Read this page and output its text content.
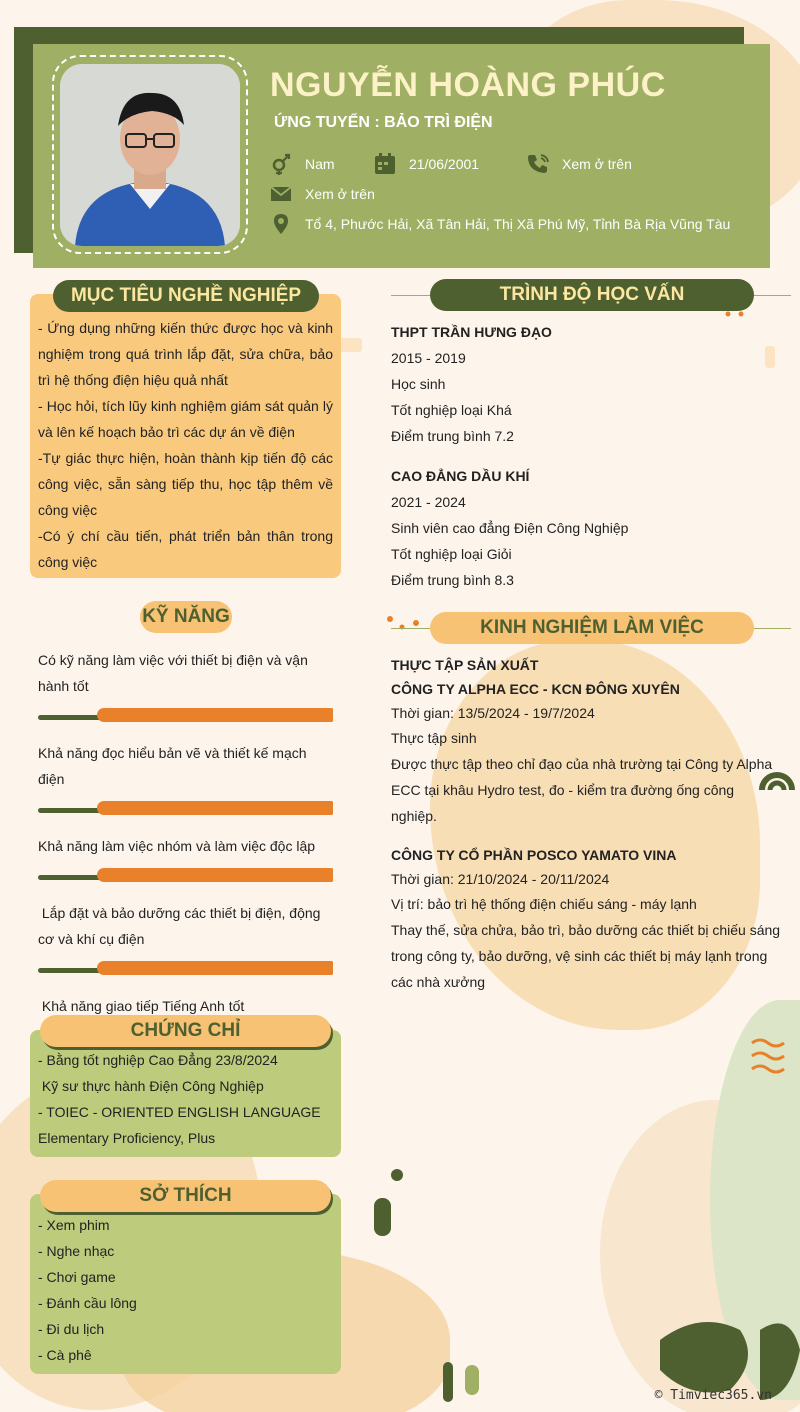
NGUYỄN HOÀNG PHÚC
ỨNG TUYỂN : BẢO TRÌ ĐIỆN
Nam	21/06/2001	Xem ở trên
Xem ở trên
Tổ 4, Phước Hải, Xã Tân Hải, Thị Xã Phú Mỹ, Tỉnh Bà Rịa Vũng Tàu
- Ứng dụng những kiến thức được học và kinh nghiệm trong quá trình lắp đặt, sửa chữa, bảo trì hệ thống điện hiệu quả nhất
- Học hỏi, tích lũy kinh nghiệm giám sát quản lý và lên kế hoạch bảo trì các dự án về điện
-Tự giác thực hiện, hoàn thành kịp tiến độ các công việc, sẵn sàng tiếp thu, học tập thêm về công việc
-Có ý chí cầu tiến, phát triển bản thân trong công việc
MỤC TIÊU NGHỀ NGHIỆP
KỸ NĂNG
Có kỹ năng làm việc với thiết bị điện và vận hành tốt
Khả năng đọc hiểu bản vẽ và thiết kế mạch điện
Khả năng làm việc nhóm và làm việc độc lập
Lắp đặt và bảo dưỡng các thiết bị điện, động cơ và khí cụ điện
Khả năng giao tiếp Tiếng Anh tốt
- Bằng tốt nghiệp Cao Đẳng 23/8/2024
Kỹ sư thực hành Điện Công Nghiệp
- TOIEC - ORIENTED ENGLISH LANGUAGE Elementary Proficiency, Plus
CHỨNG CHỈ
- Xem phim
- Nghe nhạc
- Chơi game
- Đánh cầu lông
- Đi du lịch
- Cà phê
SỞ THÍCH
TRÌNH ĐỘ HỌC VẤN
THPT TRẦN HƯNG ĐẠO
2015 - 2019
Học sinh
Tốt nghiệp loại Khá
Điểm trung bình 7.2
CAO ĐẲNG DẦU KHÍ
2021 - 2024
Sinh viên cao đẳng Điện Công Nghiệp
Tốt nghiệp loại Giỏi
Điểm trung bình 8.3
KINH NGHIỆM LÀM VIỆC
THỰC TẬP SẢN XUẤT
CÔNG TY ALPHA ECC - KCN ĐÔNG XUYÊN
Thời gian: 13/5/2024 - 19/7/2024
Thực tập sinh
Được thực tập theo chỉ đạo của nhà trường tại Công ty Alpha ECC tại khâu Hydro test, đo - kiểm tra đường ống công nghiệp.
CÔNG TY CỔ PHẦN POSCO YAMATO VINA
Thời gian: 21/10/2024 - 20/11/2024
Vị trí: bảo trì hệ thống điện chiếu sáng - máy lạnh
Thay thế, sửa chửa, bảo trì, bảo dưỡng các thiết bị chiếu sáng trong công ty, bảo dưỡng, vệ sinh các thiết bị máy lạnh trong các nhà xưởng
© Timviec365.vn
